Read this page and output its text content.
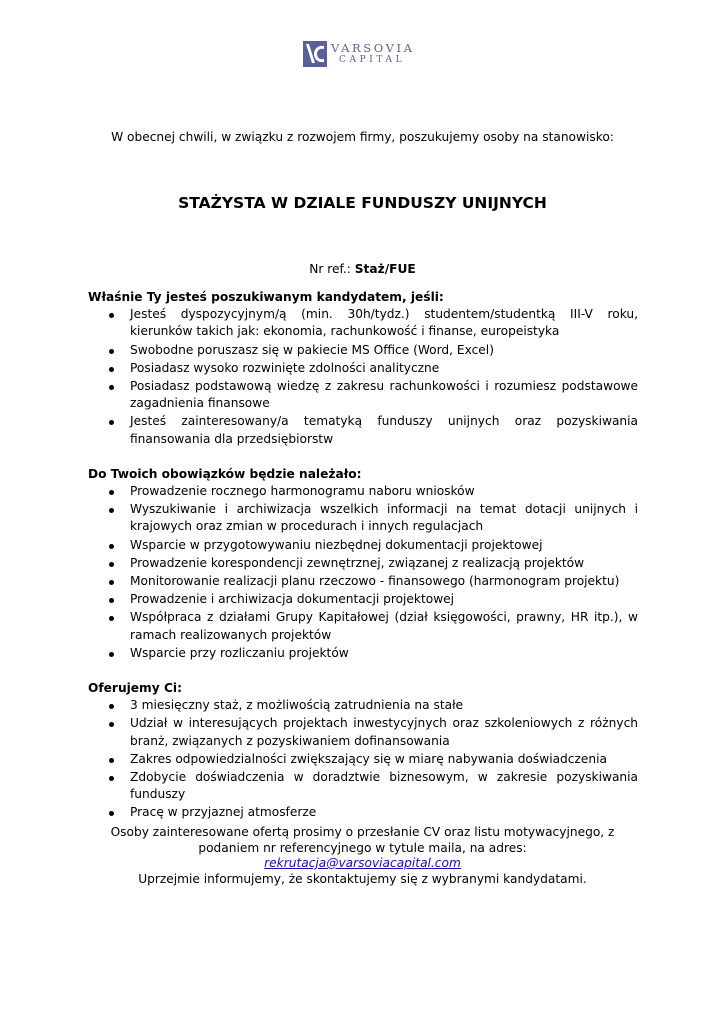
VARSOVIA
CAPITAL
W obecnej chwili, w związku z rozwojem firmy, poszukujemy osoby na stanowisko:
STAŻYSTA W DZIALE FUNDUSZY UNIJNYCH
Nr ref.: Staż/FUE

Właśnie Ty jesteś poszukiwanym kandydatem, jeśli:

Jesteś dyspozycyjnym/ą (min. 30h/tydz.) studentem/studentką III-V roku, kierunków takich jak: ekonomia, rachunkowość i finanse, europeistyka
Swobodne poruszasz się w pakiecie MS Office (Word, Excel)
Posiadasz wysoko rozwinięte zdolności analityczne
Posiadasz podstawową wiedzę z zakresu rachunkowości i rozumiesz podstawowe zagadnienia finansowe
Jesteś zainteresowany/a tematyką funduszy unijnych oraz pozyskiwania finansowania dla przedsiębiorstw

Do Twoich obowiązków będzie należało:

Prowadzenie rocznego harmonogramu naboru wniosków
Wyszukiwanie i archiwizacja wszelkich informacji na temat dotacji unijnych i krajowych oraz zmian w procedurach i innych regulacjach
Wsparcie w przygotowywaniu niezbędnej dokumentacji projektowej
Prowadzenie korespondencji zewnętrznej, związanej z realizacją projektów
Monitorowanie realizacji planu rzeczowo - finansowego (harmonogram projektu)
Prowadzenie i archiwizacja dokumentacji projektowej
Współpraca z działami Grupy Kapitałowej (dział księgowości, prawny, HR itp.), w ramach realizowanych projektów
Wsparcie przy rozliczaniu projektów

Oferujemy Ci:

3 miesięczny staż, z możliwością zatrudnienia na stałe
Udział w interesujących projektach inwestycyjnych oraz szkoleniowych z różnych branż, związanych z pozyskiwaniem dofinansowania
Zakres odpowiedzialności zwiększający się w miarę nabywania doświadczenia
Zdobycie doświadczenia w doradztwie biznesowym, w zakresie pozyskiwania funduszy
Pracę w przyjaznej atmosferze
Osoby zainteresowane ofertą prosimy o przesłanie CV oraz listu motywacyjnego, z
podaniem nr referencyjnego w tytule maila, na adres:
rekrutacja@varsoviacapital.com
Uprzejmie informujemy, że skontaktujemy się z wybranymi kandydatami.
